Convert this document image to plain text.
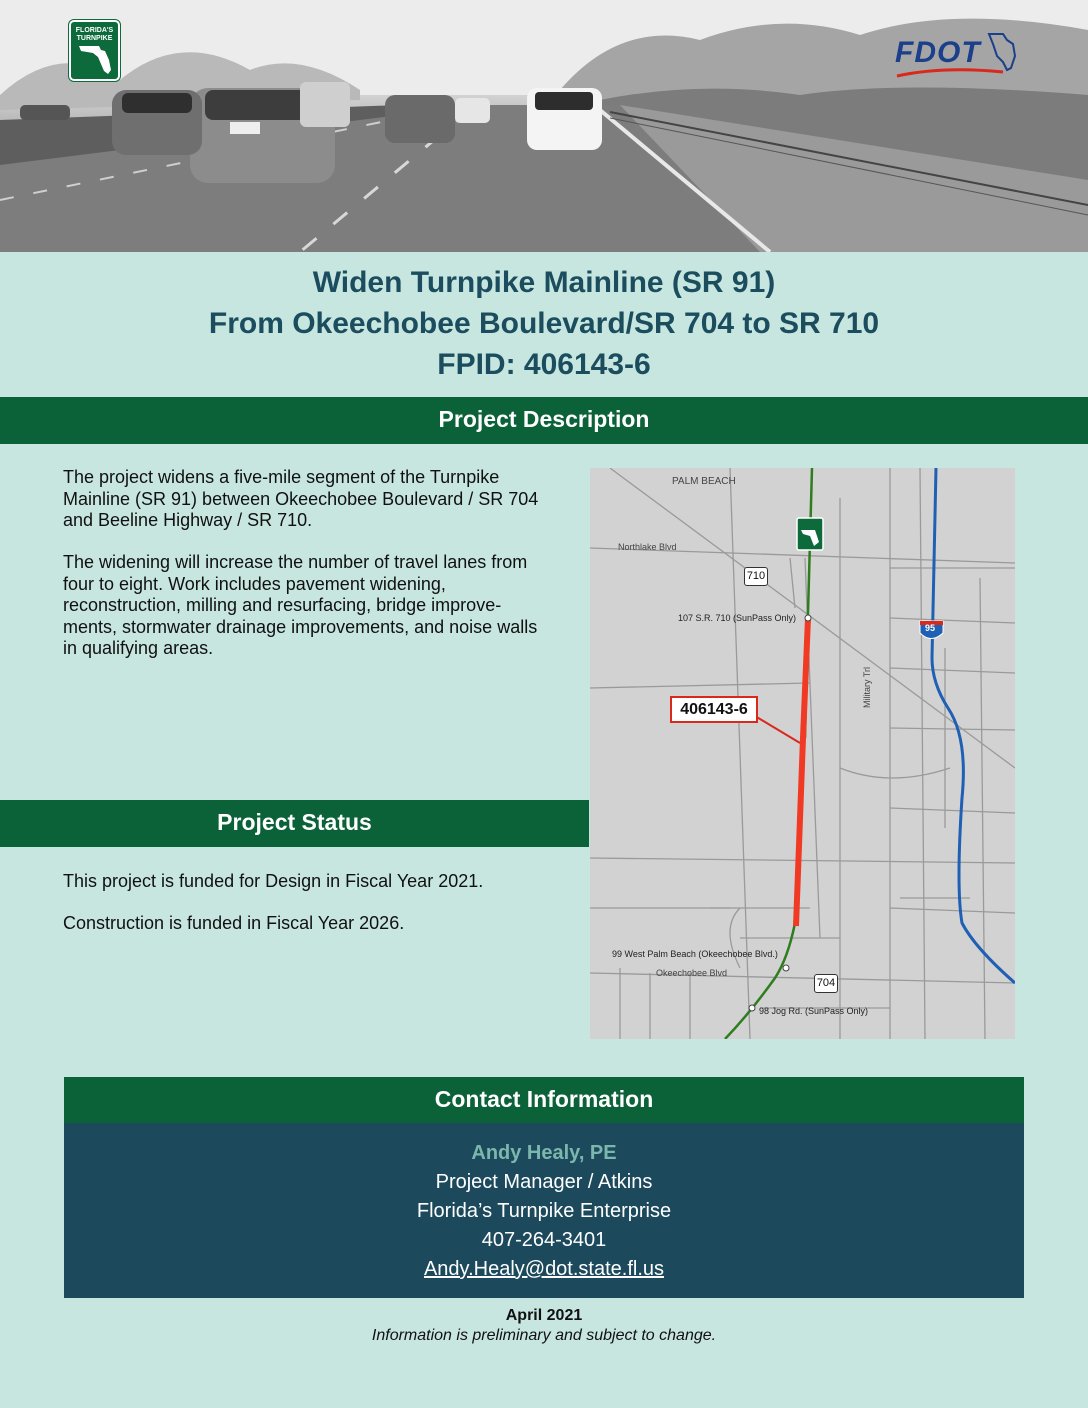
FLORIDA'S
TURNPIKE	FDOT
Widen Turnpike Mainline (SR 91)
From Okeechobee Boulevard/SR 704 to SR 710
FPID: 406143-6
Project Description

The project widens a five-mile segment of the Turnpike Mainline (SR 91) between Okeechobee Boulevard / SR 704 and Beeline Highway / SR 710.

The widening will increase the number of travel lanes from four to eight. Work includes pavement widening, reconstruction, milling and resurfacing, bridge improve-ments, stormwater drainage improvements, and noise walls in qualifying areas.

Project Status

This project is funded for Design in Fiscal Year 2021.

Construction is funded in Fiscal Year 2026.

PALM BEACH
Northlake Blvd
710
107 S.R. 710 (SunPass Only)
95
406143-6
Military Trl
99 West Palm Beach (Okeechobee Blvd.)
Okeechobee Blvd
704
98 Jog Rd. (SunPass Only)
Contact Information
Andy Healy, PE
Project Manager / Atkins
Florida’s Turnpike Enterprise
407-264-3401
Andy.Healy@dot.state.fl.us
April 2021
Information is preliminary and subject to change.
